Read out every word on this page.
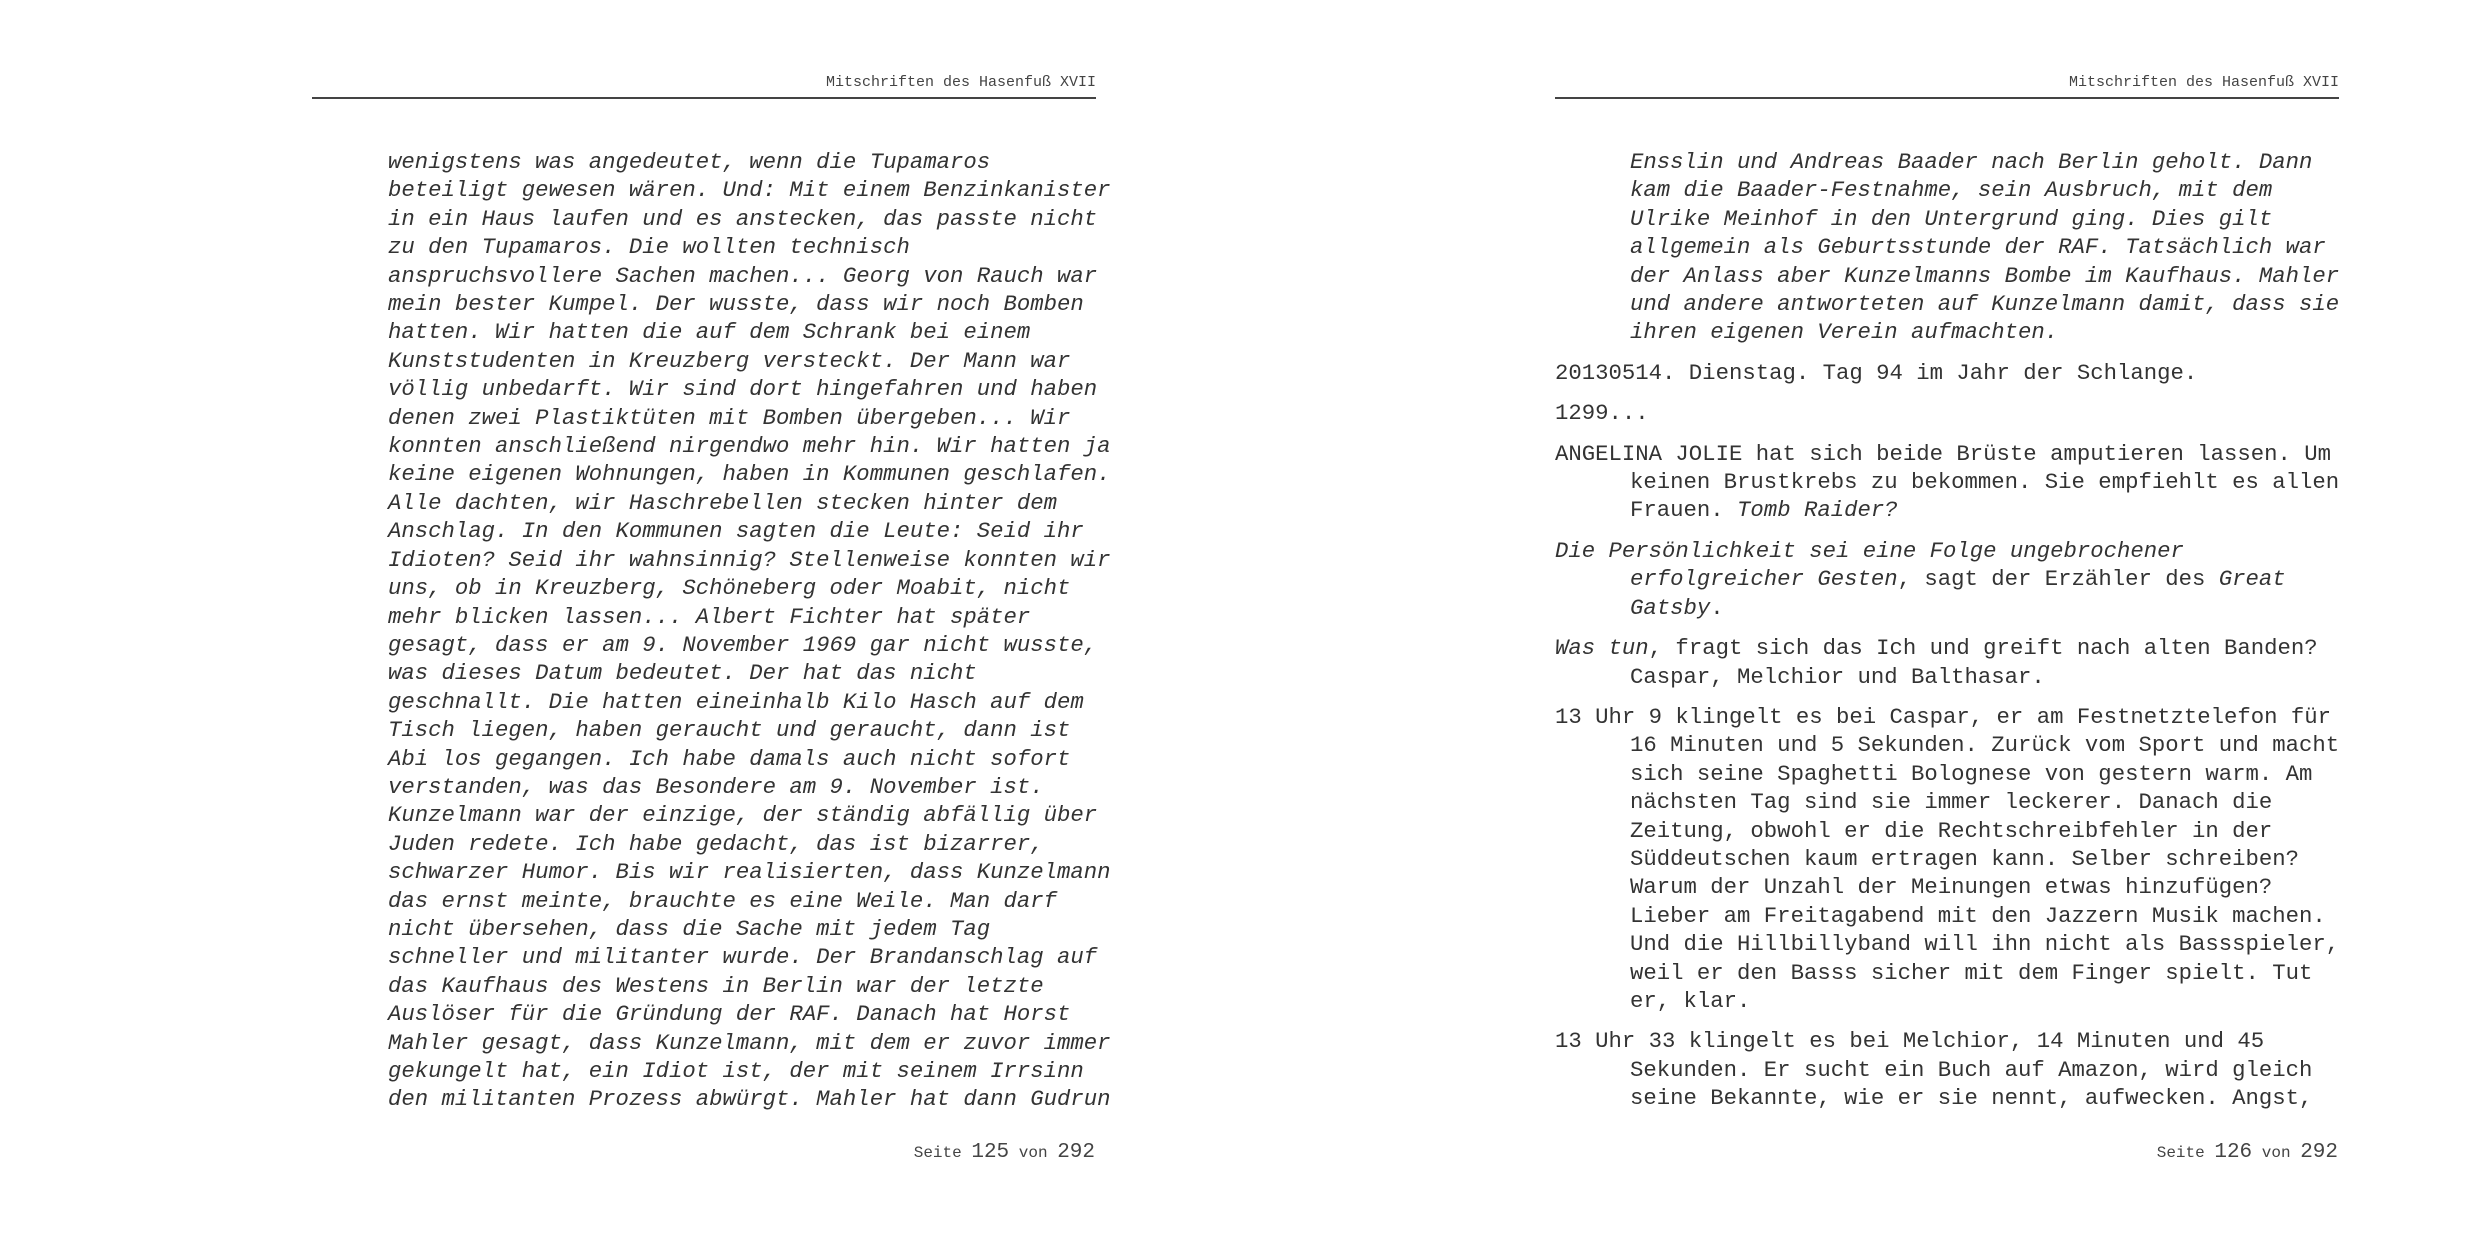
Mitschriften des Hasenfuß XVII
wenigstens was angedeutet, wenn die Tupamaros
beteiligt gewesen wären. Und: Mit einem Benzinkanister
in ein Haus laufen und es anstecken, das passte nicht
zu den Tupamaros. Die wollten technisch
anspruchsvollere Sachen machen... Georg von Rauch war
mein bester Kumpel. Der wusste, dass wir noch Bomben
hatten. Wir hatten die auf dem Schrank bei einem
Kunststudenten in Kreuzberg versteckt. Der Mann war
völlig unbedarft. Wir sind dort hingefahren und haben
denen zwei Plastiktüten mit Bomben übergeben... Wir
konnten anschließend nirgendwo mehr hin. Wir hatten ja
keine eigenen Wohnungen, haben in Kommunen geschlafen.
Alle dachten, wir Haschrebellen stecken hinter dem
Anschlag. In den Kommunen sagten die Leute: Seid ihr
Idioten? Seid ihr wahnsinnig? Stellenweise konnten wir
uns, ob in Kreuzberg, Schöneberg oder Moabit, nicht
mehr blicken lassen... Albert Fichter hat später
gesagt, dass er am 9. November 1969 gar nicht wusste,
was dieses Datum bedeutet. Der hat das nicht
geschnallt. Die hatten eineinhalb Kilo Hasch auf dem
Tisch liegen, haben geraucht und geraucht, dann ist
Abi los gegangen. Ich habe damals auch nicht sofort
verstanden, was das Besondere am 9. November ist.
Kunzelmann war der einzige, der ständig abfällig über
Juden redete. Ich habe gedacht, das ist bizarrer,
schwarzer Humor. Bis wir realisierten, dass Kunzelmann
das ernst meinte, brauchte es eine Weile. Man darf
nicht übersehen, dass die Sache mit jedem Tag
schneller und militanter wurde. Der Brandanschlag auf
das Kaufhaus des Westens in Berlin war der letzte
Auslöser für die Gründung der RAF. Danach hat Horst
Mahler gesagt, dass Kunzelmann, mit dem er zuvor immer
gekungelt hat, ein Idiot ist, der mit seinem Irrsinn
den militanten Prozess abwürgt. Mahler hat dann Gudrun
Seite 125 von 292
Mitschriften des Hasenfuß XVII
Ensslin und Andreas Baader nach Berlin geholt. Dann
kam die Baader-Festnahme, sein Ausbruch, mit dem
Ulrike Meinhof in den Untergrund ging. Dies gilt
allgemein als Geburtsstunde der RAF. Tatsächlich war
der Anlass aber Kunzelmanns Bombe im Kaufhaus. Mahler
und andere antworteten auf Kunzelmann damit, dass sie
ihren eigenen Verein aufmachten.
20130514. Dienstag. Tag 94 im Jahr der Schlange.
1299...
ANGELINA JOLIE hat sich beide Brüste amputieren lassen. Um
keinen Brustkrebs zu bekommen. Sie empfiehlt es allen
Frauen. Tomb Raider?
Die Persönlichkeit sei eine Folge ungebrochener
erfolgreicher Gesten, sagt der Erzähler des Great
Gatsby.
Was tun, fragt sich das Ich und greift nach alten Banden?
Caspar, Melchior und Balthasar.
13 Uhr 9 klingelt es bei Caspar, er am Festnetztelefon für
16 Minuten und 5 Sekunden. Zurück vom Sport und macht
sich seine Spaghetti Bolognese von gestern warm. Am
nächsten Tag sind sie immer leckerer. Danach die
Zeitung, obwohl er die Rechtschreibfehler in der
Süddeutschen kaum ertragen kann. Selber schreiben?
Warum der Unzahl der Meinungen etwas hinzufügen?
Lieber am Freitagabend mit den Jazzern Musik machen.
Und die Hillbillyband will ihn nicht als Bassspieler,
weil er den Basss sicher mit dem Finger spielt. Tut
er, klar.
13 Uhr 33 klingelt es bei Melchior, 14 Minuten und 45
Sekunden. Er sucht ein Buch auf Amazon, wird gleich
seine Bekannte, wie er sie nennt, aufwecken. Angst,
Seite 126 von 292
